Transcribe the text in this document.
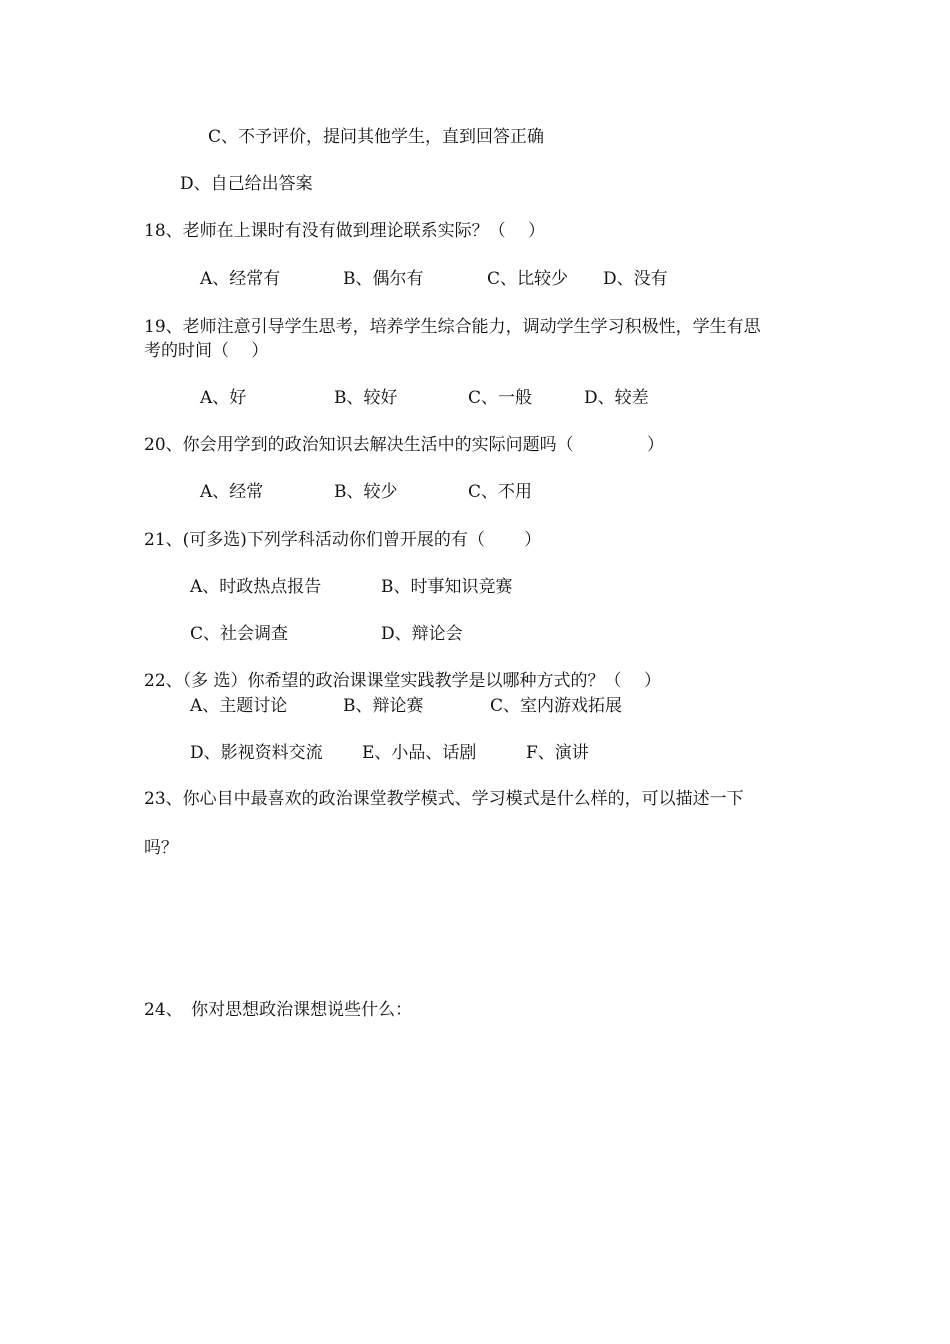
C、不予评价，提问其他学生，直到回答正确
D、自己给出答案
18、老师在上课时有没有做到理论联系实际？（　 ）
A、经常有	B、偶尔有	C、比较少 D、没有
19、老师注意引导学生思考，培养学生综合能力，调动学生学习积极性，学生有思
考的时间（　 ）
A、好	B、较好	C、一般	D、较差
20、你会用学到的政治知识去解决生活中的实际问题吗（　　　　 ）
A、经常	B、较少	C、不用
21、(可多选)下列学科活动你们曾开展的有（　　 ）
A、时政热点报告	B、时事知识竞赛
C、社会调查	D、辩论会
22、（多 选）你希望的政治课课堂实践教学是以哪种方式的？（　 ）
A、主题讨论	B、辩论赛	C、室内游戏拓展
D、影视资料交流 E、小品、话剧	F、演讲
23、你心目中最喜欢的政治课堂教学模式、学习模式是什么样的，可以描述一下
吗？
24、　你对思想政治课想说些什么：
